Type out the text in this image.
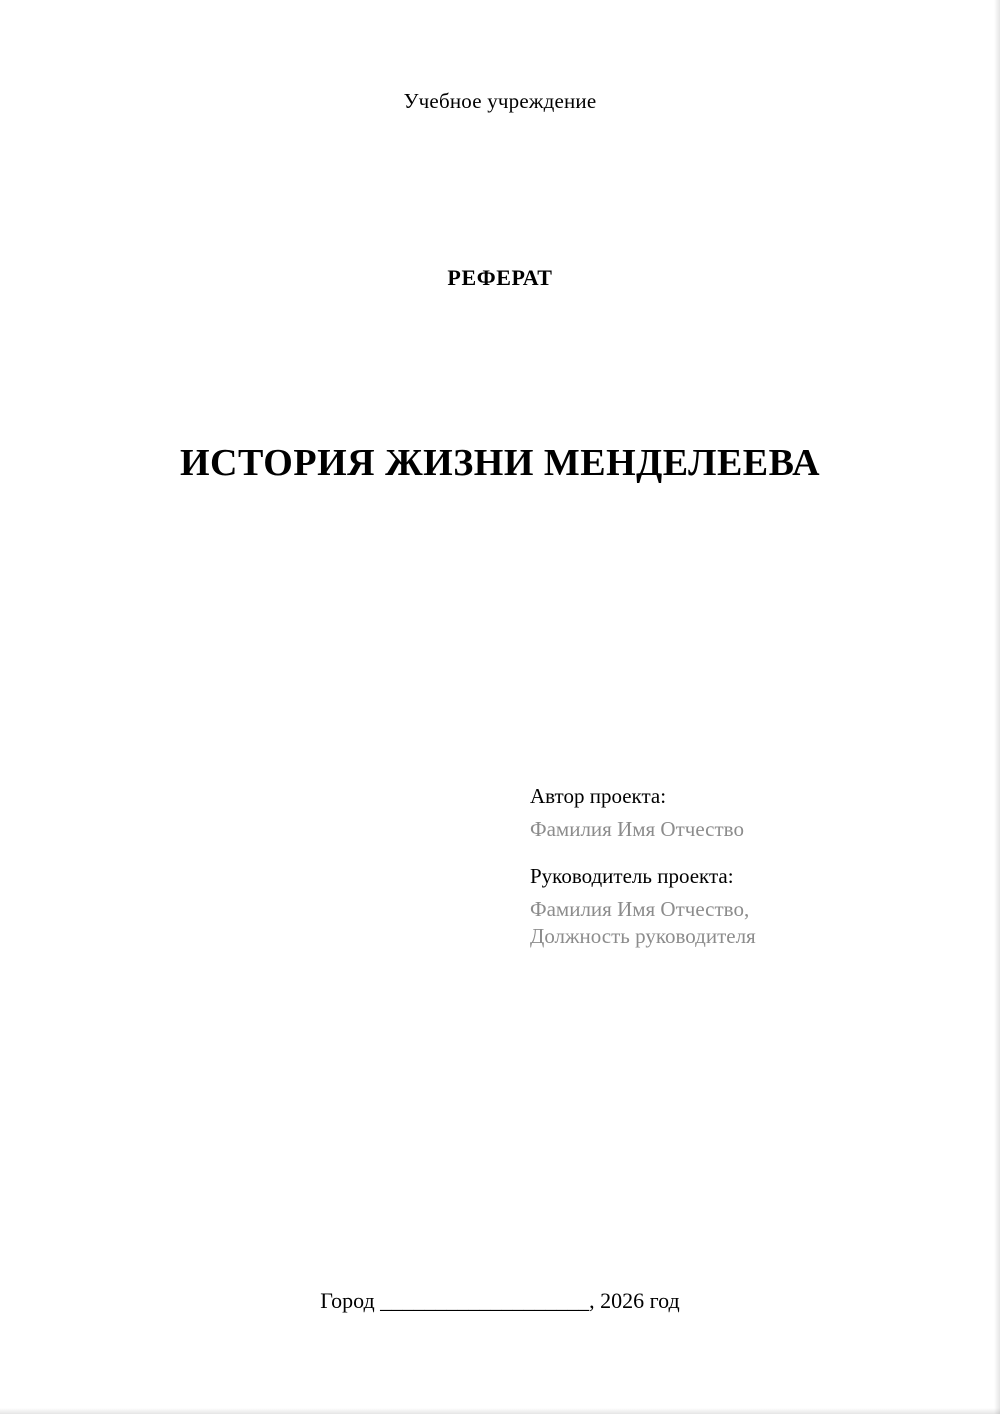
Учебное учреждение
РЕФЕРАТ
ИСТОРИЯ ЖИЗНИ МЕНДЕЛЕЕВА
Автор проекта:
Фамилия Имя Отчество
Руководитель проекта:
Фамилия Имя Отчество,
Должность руководителя
Город ___________________, 2026 год
